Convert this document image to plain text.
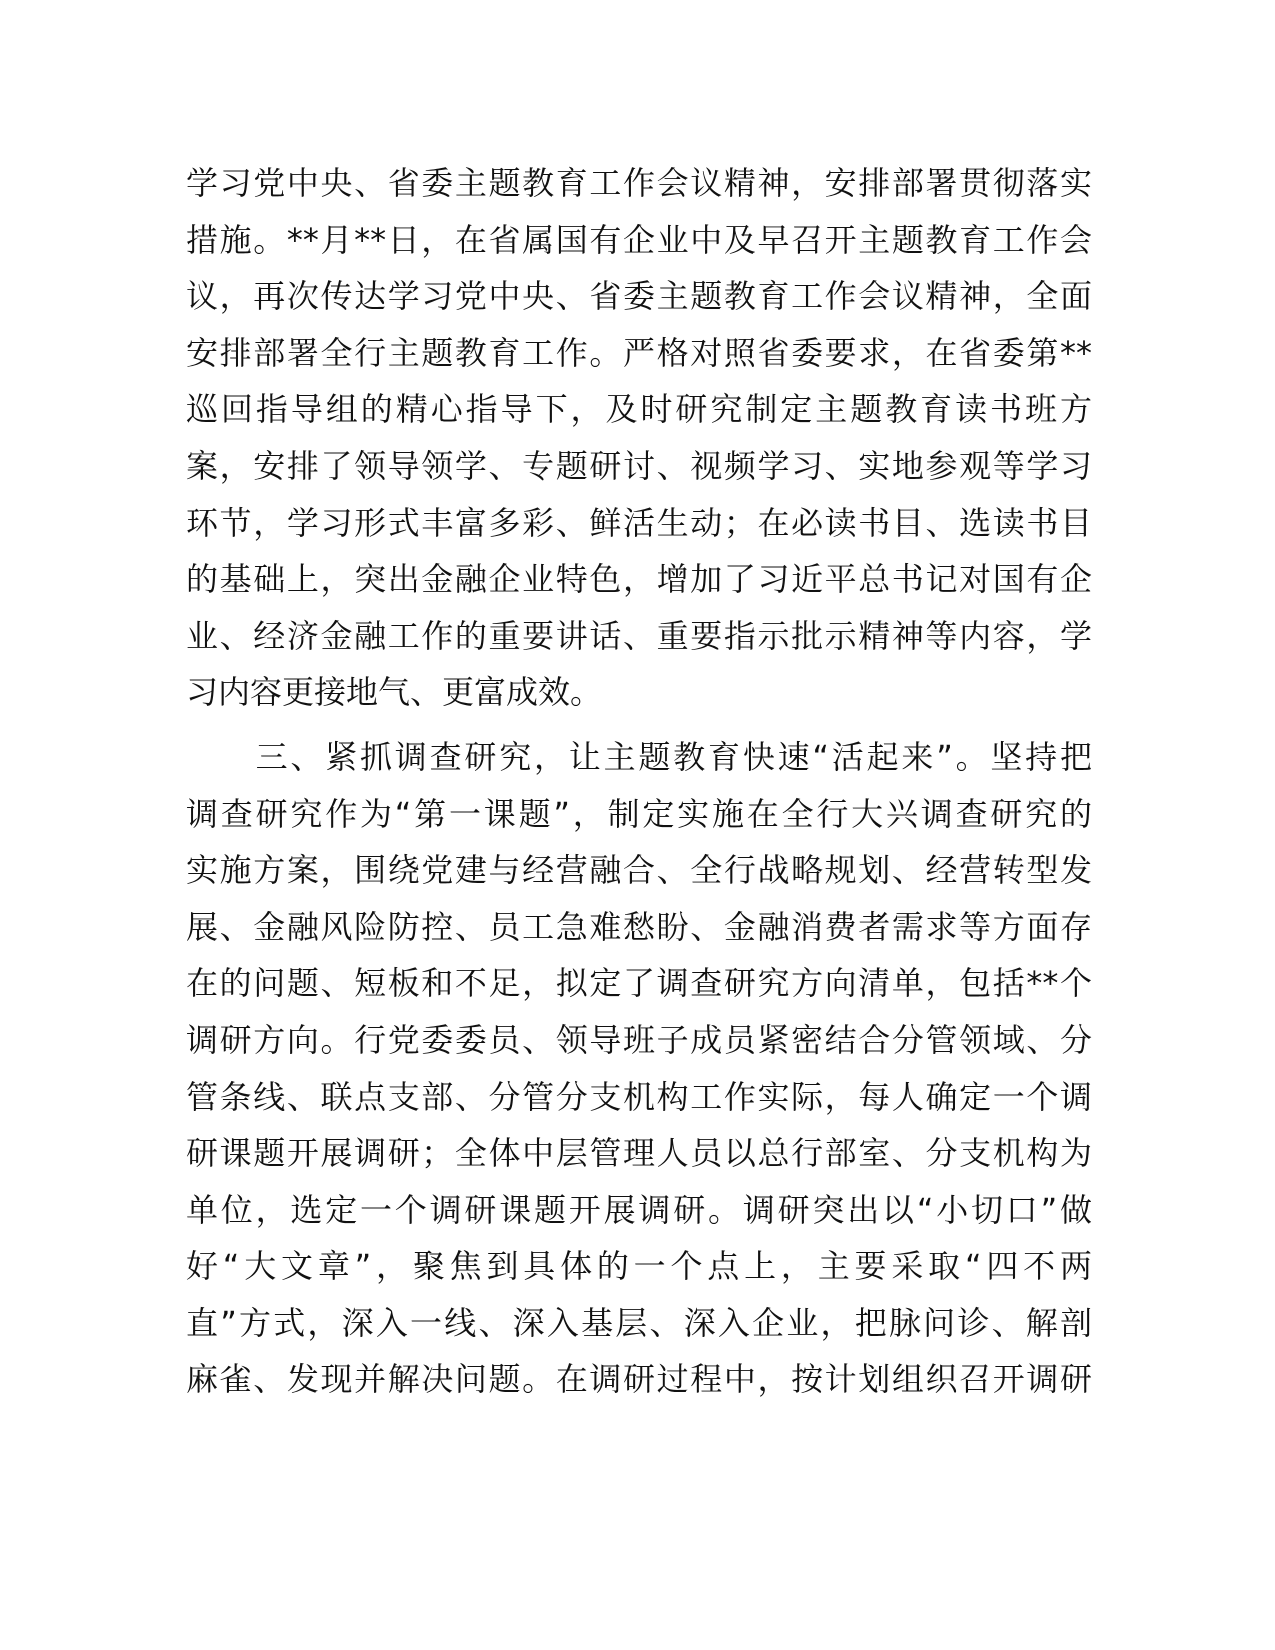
学习党中央、省委主题教育工作会议精神，安排部署贯彻落实
措施。**月**日，在省属国有企业中及早召开主题教育工作会
议，再次传达学习党中央、省委主题教育工作会议精神，全面
安排部署全行主题教育工作。严格对照省委要求，在省委第**
巡回指导组的精心指导下，及时研究制定主题教育读书班方
案，安排了领导领学、专题研讨、视频学习、实地参观等学习
环节，学习形式丰富多彩、鲜活生动；在必读书目、选读书目
的基础上，突出金融企业特色，增加了习近平总书记对国有企
业、经济金融工作的重要讲话、重要指示批示精神等内容，学
习内容更接地气、更富成效。
　　三、紧抓调查研究，让主题教育快速“活起来”。坚持把
调查研究作为“第一课题”，制定实施在全行大兴调查研究的
实施方案，围绕党建与经营融合、全行战略规划、经营转型发
展、金融风险防控、员工急难愁盼、金融消费者需求等方面存
在的问题、短板和不足，拟定了调查研究方向清单，包括**个
调研方向。行党委委员、领导班子成员紧密结合分管领域、分
管条线、联点支部、分管分支机构工作实际，每人确定一个调
研课题开展调研；全体中层管理人员以总行部室、分支机构为
单位，选定一个调研课题开展调研。调研突出以“小切口”做
好“大文章”，聚焦到具体的一个点上，主要采取“四不两
直”方式，深入一线、深入基层、深入企业，把脉问诊、解剖
麻雀、发现并解决问题。在调研过程中，按计划组织召开调研
